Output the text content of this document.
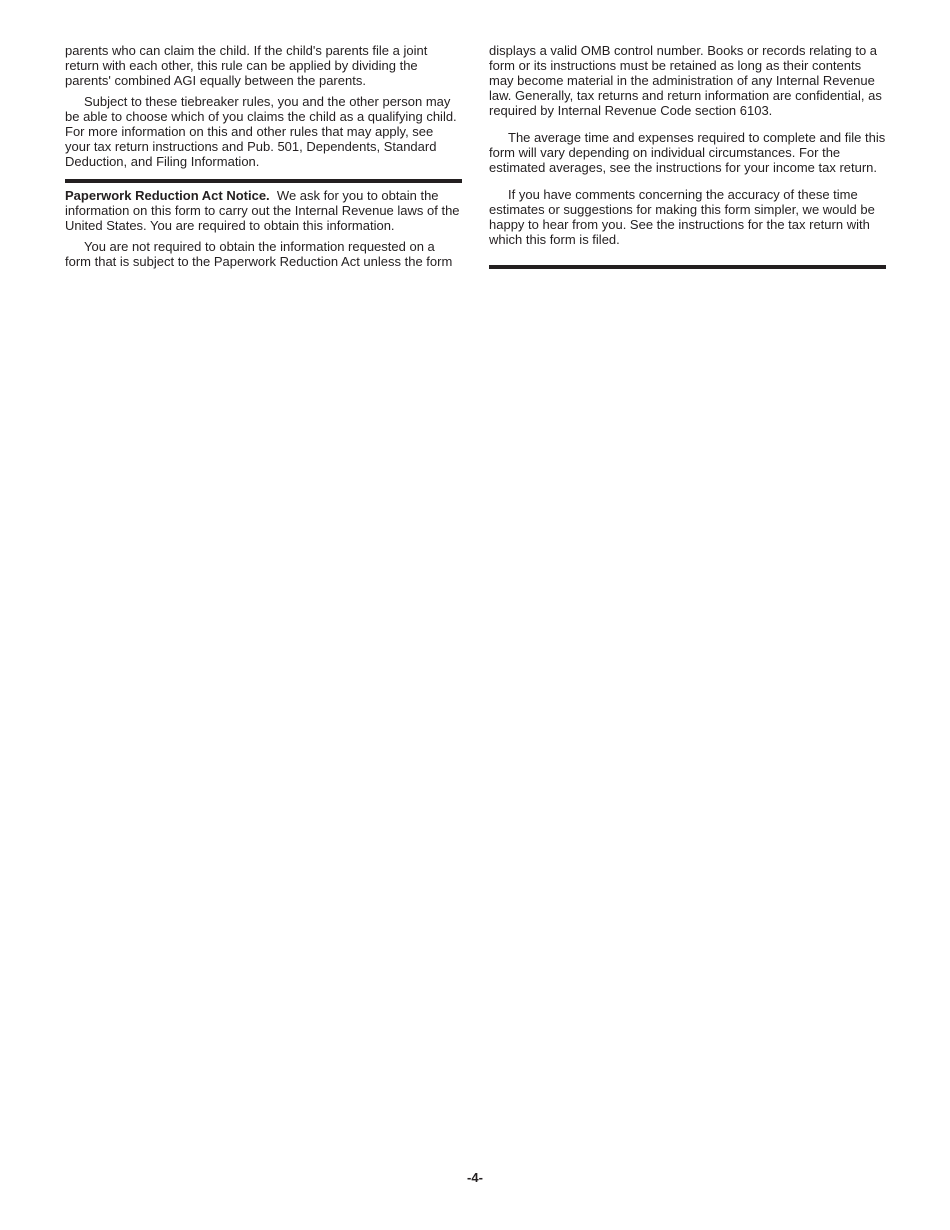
parents who can claim the child. If the child's parents file a joint return with each other, this rule can be applied by dividing the parents' combined AGI equally between the parents.

Subject to these tiebreaker rules, you and the other person may be able to choose which of you claims the child as a qualifying child. For more information on this and other rules that may apply, see your tax return instructions and Pub. 501, Dependents, Standard Deduction, and Filing Information.

Paperwork Reduction Act Notice. We ask for you to obtain the information on this form to carry out the Internal Revenue laws of the United States. You are required to obtain this information.

You are not required to obtain the information requested on a form that is subject to the Paperwork Reduction Act unless the form

displays a valid OMB control number. Books or records relating to a form or its instructions must be retained as long as their contents may become material in the administration of any Internal Revenue law. Generally, tax returns and return information are confidential, as required by Internal Revenue Code section 6103.

The average time and expenses required to complete and file this form will vary depending on individual circumstances. For the estimated averages, see the instructions for your income tax return.

If you have comments concerning the accuracy of these time estimates or suggestions for making this form simpler, we would be happy to hear from you. See the instructions for the tax return with which this form is filed.

-4-
